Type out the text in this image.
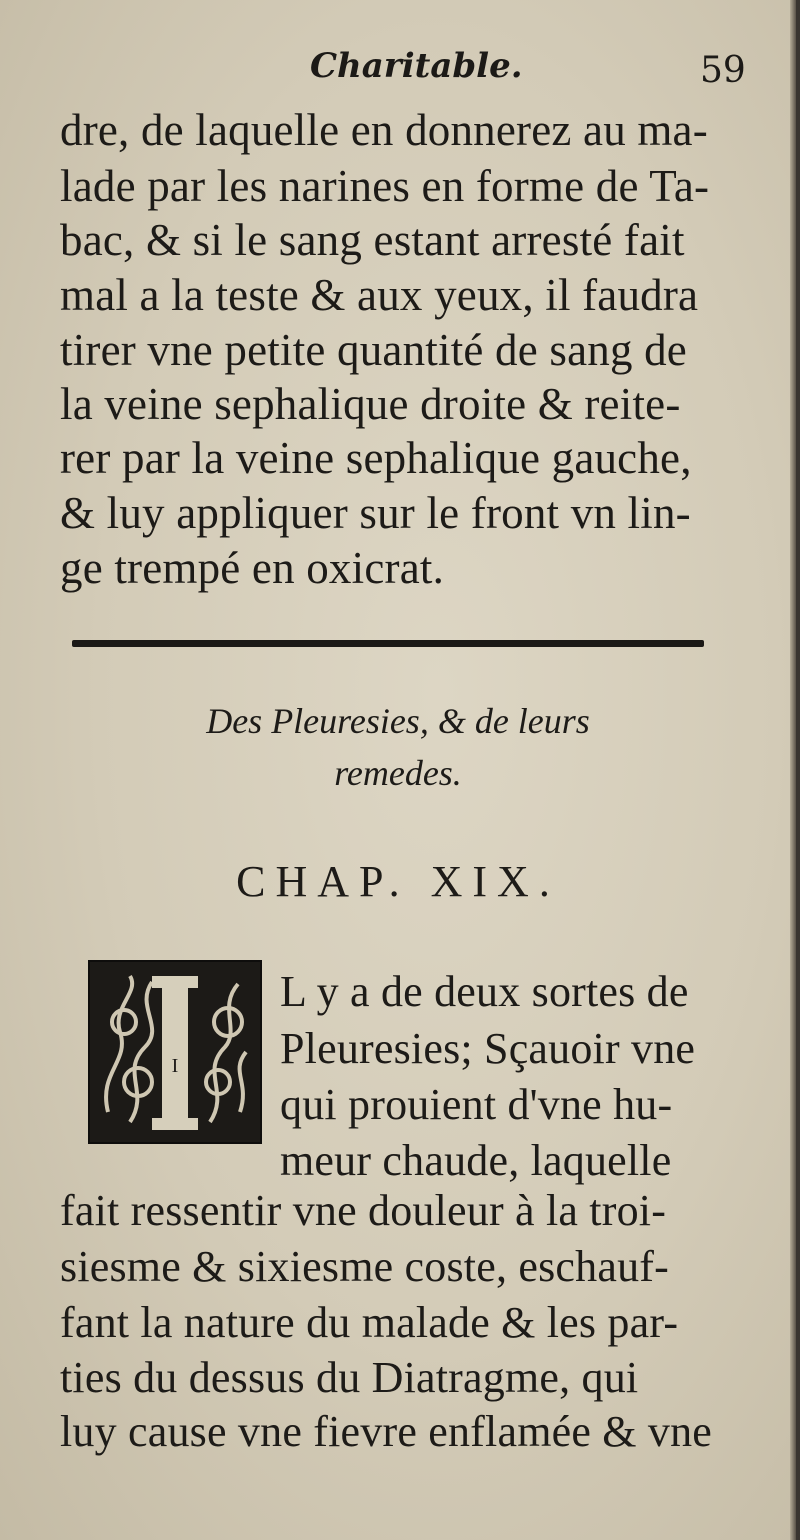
Charitable.	59
dre, de laquelle en donnerez au ma-
lade par les narines en forme de Ta-
bac, & si le sang estant arresté fait
mal a la teste & aux yeux, il faudra
tirer vne petite quantité de sang de
la veine sephalique droite & reite-
rer par la veine sephalique gauche,
& luy appliquer sur le front vn lin-
ge trempé en oxicrat.
Des Pleuresies, & de leurs
remedes.
CHAP. XIX.
I
L y a de deux sortes de
Pleuresies; Sçauoir vne
qui prouient d'vne hu-
meur chaude, laquelle
fait ressentir vne douleur à la troi-
siesme & sixiesme coste, eschauf-
fant la nature du malade & les par-
ties du dessus du Diatragme, qui
luy cause vne fievre enflamée & vne
